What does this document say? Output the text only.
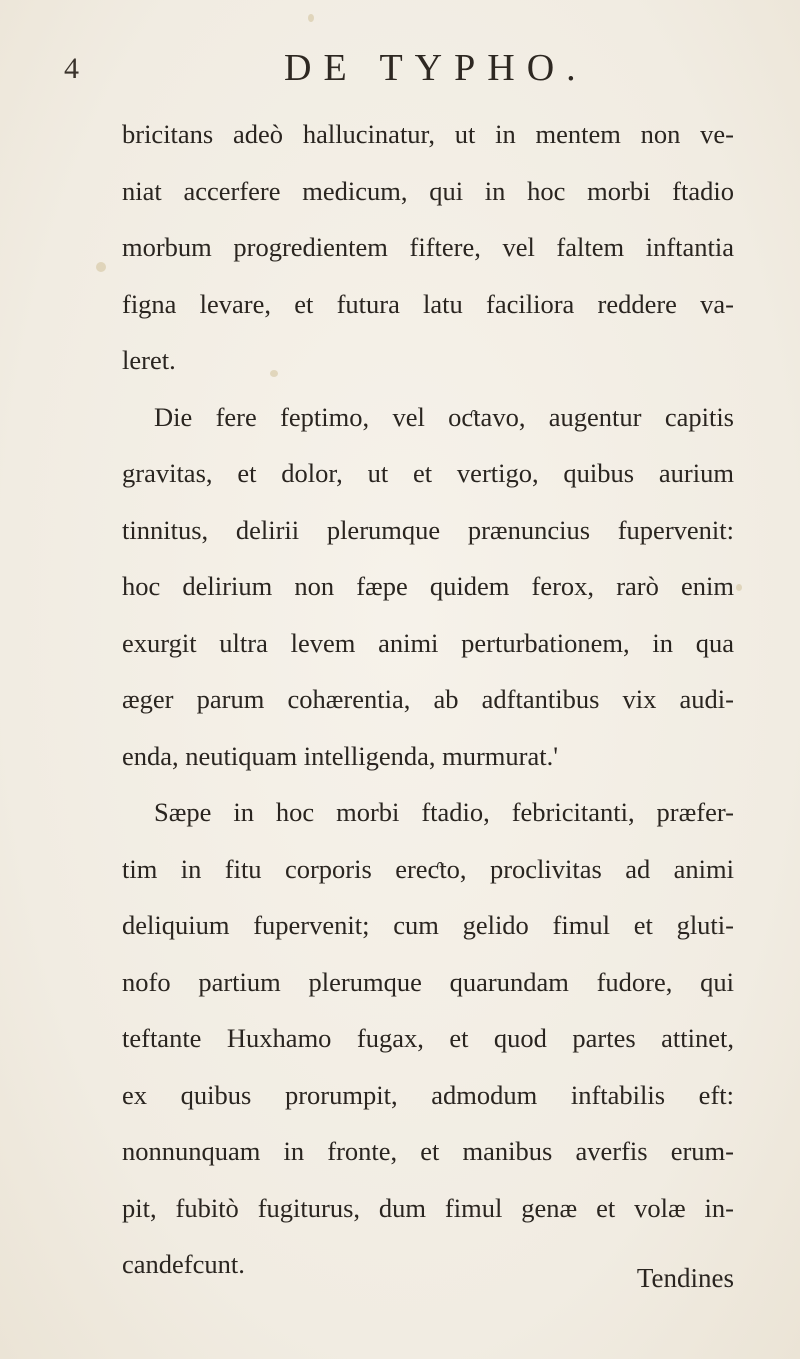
4	DE TYPHO.
bricitans adeò hallucinatur, ut in mentem non ve-
niat accerfere medicum, qui in hoc morbi ftadio
morbum progredientem fiftere, vel faltem inftantia
figna levare, et futura latu faciliora reddere va-
leret.
Die fere feptimo, vel oƈtavo, augentur capitis
gravitas, et dolor, ut et vertigo, quibus aurium
tinnitus, delirii plerumque prænuncius fupervenit:
hoc delirium non fæpe quidem ferox, rarò enim
exurgit ultra levem animi perturbationem, in qua
æger parum cohærentia, ab adftantibus vix audi-
enda, neutiquam intelligenda, murmurat.'
Sæpe in hoc morbi ftadio, febricitanti, præfer-
tim in fitu corporis ereƈto, proclivitas ad animi
deliquium fupervenit; cum gelido fimul et gluti-
nofo partium plerumque quarundam fudore, qui
teftante Huxhamo fugax, et quod partes attinet,
ex quibus prorumpit, admodum inftabilis eft:
nonnunquam in fronte, et manibus averfis erum-
pit, fubitò fugiturus, dum fimul genæ et volæ in-
candefcunt.	Tendines
